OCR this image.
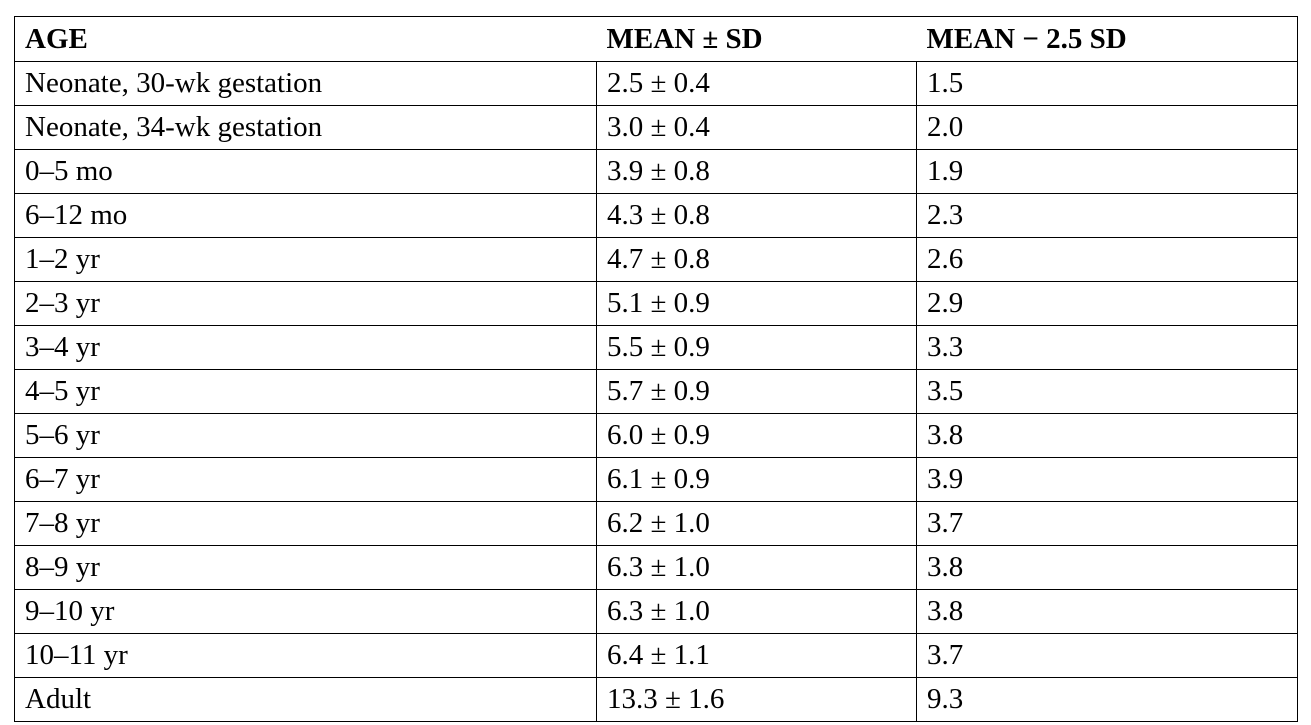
AGE	MEAN ± SD	MEAN − 2.5 SD
Neonate, 30-wk gestation	2.5 ± 0.4	1.5
Neonate, 34-wk gestation	3.0 ± 0.4	2.0
0–5 mo	3.9 ± 0.8	1.9
6–12 mo	4.3 ± 0.8	2.3
1–2 yr	4.7 ± 0.8	2.6
2–3 yr	5.1 ± 0.9	2.9
3–4 yr	5.5 ± 0.9	3.3
4–5 yr	5.7 ± 0.9	3.5
5–6 yr	6.0 ± 0.9	3.8
6–7 yr	6.1 ± 0.9	3.9
7–8 yr	6.2 ± 1.0	3.7
8–9 yr	6.3 ± 1.0	3.8
9–10 yr	6.3 ± 1.0	3.8
10–11 yr	6.4 ± 1.1	3.7
Adult	13.3 ± 1.6	9.3
